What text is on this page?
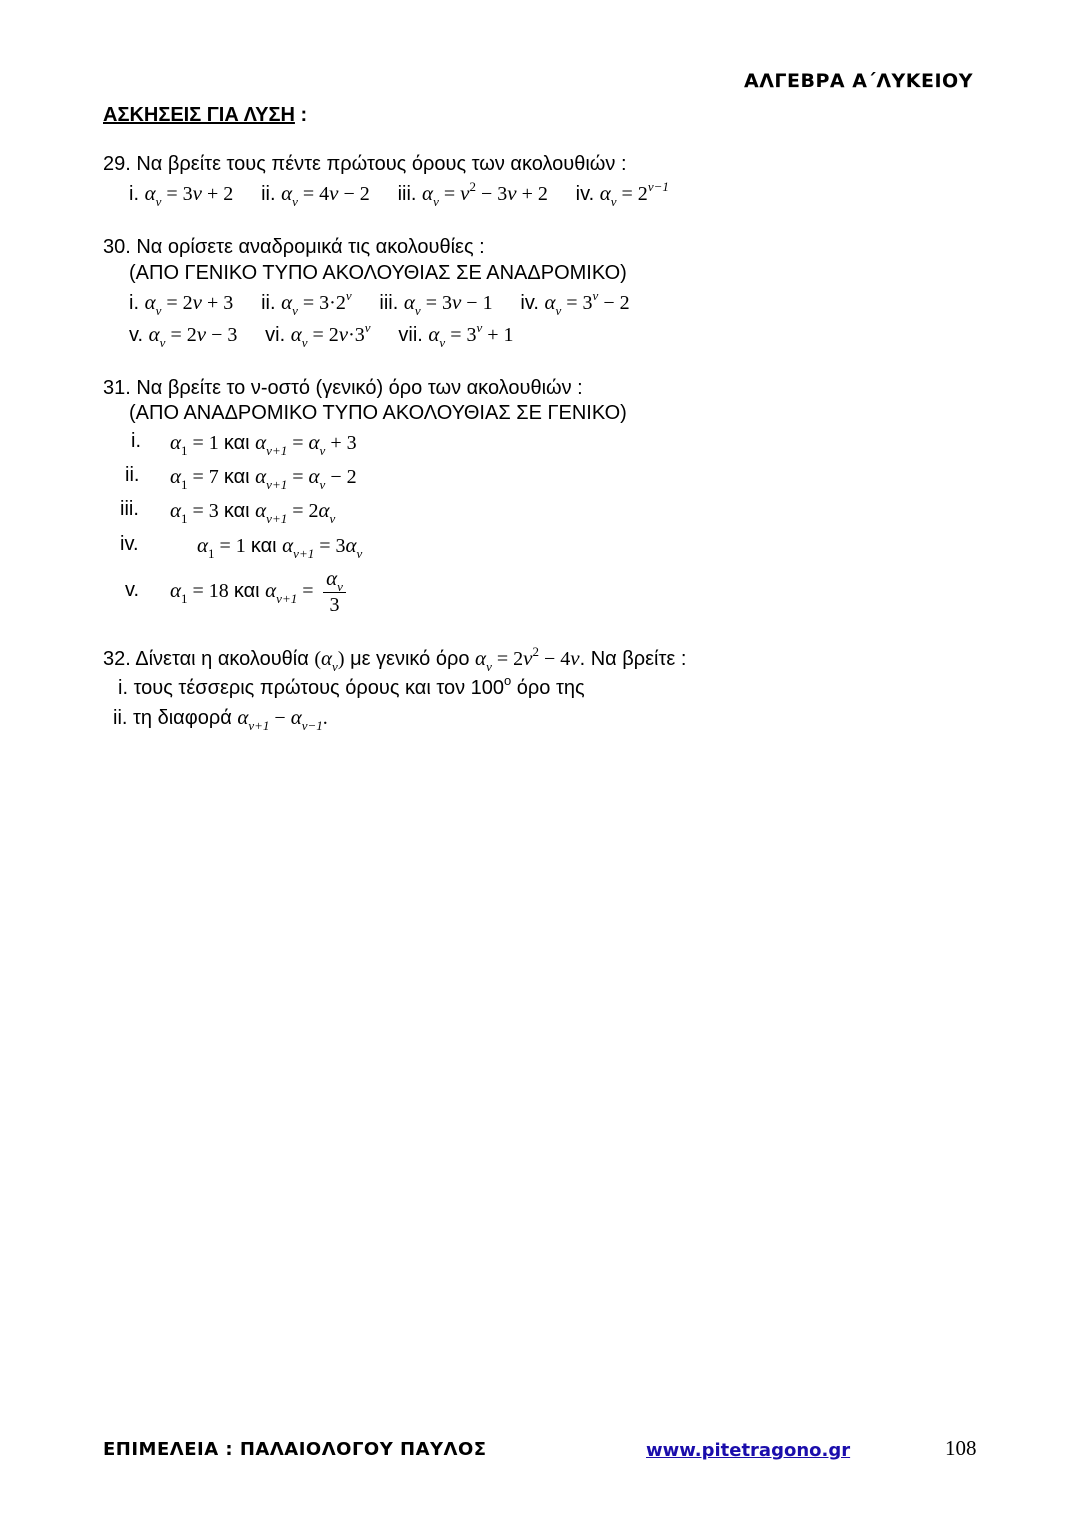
ΑΛΓΕΒΡΑ Α΄ΛΥΚΕΙΟΥ
ΑΣΚΗΣΕΙΣ ΓΙΑ ΛΥΣΗ :
29. Να βρείτε τους πέντε πρώτους όρους των ακολουθιών :
i. $\alpha_\nu = 3\nu + 2$ ii. $\alpha_\nu = 4\nu - 2$ iii. $\alpha_\nu = \nu^2 - 3\nu + 2$ iv. $\alpha_\nu = 2^{\nu-1}$
30. Να ορίσετε αναδρομικά τις ακολουθίες :
(ΑΠΟ ΓΕΝΙΚΟ ΤΥΠΟ ΑΚΟΛΟΥΘΙΑΣ ΣΕ ΑΝΑΔΡΟΜΙΚΟ)
i. $\alpha_\nu = 2\nu + 3$ ii. $\alpha_\nu = 3\cdot 2^\nu$ iii. $\alpha_\nu = 3\nu - 1$ iv. $\alpha_\nu = 3^\nu - 2$
v. $\alpha_\nu = 2\nu - 3$ vi. $\alpha_\nu = 2\nu\cdot 3^\nu$ vii. $\alpha_\nu = 3^\nu + 1$
31. Να βρείτε το ν-οστό (γενικό) όρο των ακολουθιών :
(ΑΠΟ ΑΝΑΔΡΟΜΙΚΟ ΤΥΠΟ ΑΚΟΛΟΥΘΙΑΣ ΣΕ ΓΕΝΙΚΟ)
i. $\alpha_1 = 1$ και $\alpha_{\nu+1} = \alpha_\nu + 3$
ii. $\alpha_1 = 7$ και $\alpha_{\nu+1} = \alpha_\nu - 2$
iii. $\alpha_1 = 3$ και $\alpha_{\nu+1} = 2\alpha_\nu$
iv.	$\alpha_1 = 1$ και $\alpha_{\nu+1} = 3\alpha_\nu$
v. $\alpha_1 = 18$ και $\alpha_{\nu+1} = \frac{\alpha_\nu}{3}$
32. Δίνεται η ακολουθία $(\alpha_\nu)$ με γενικό όρο $\alpha_\nu = 2\nu^2 - 4\nu$. Να βρείτε :
i. τους τέσσερις πρώτους όρους και τον $100^o$ όρο της
ii. τη διαφορά $\alpha_{\nu+1} - \alpha_{\nu-1}$.
ΕΠΙΜΕΛΕΙΑ : ΠΑΛΑΙΟΛΟΓΟΥ ΠΑΥΛΟΣ	www.pitetragono.gr	108
